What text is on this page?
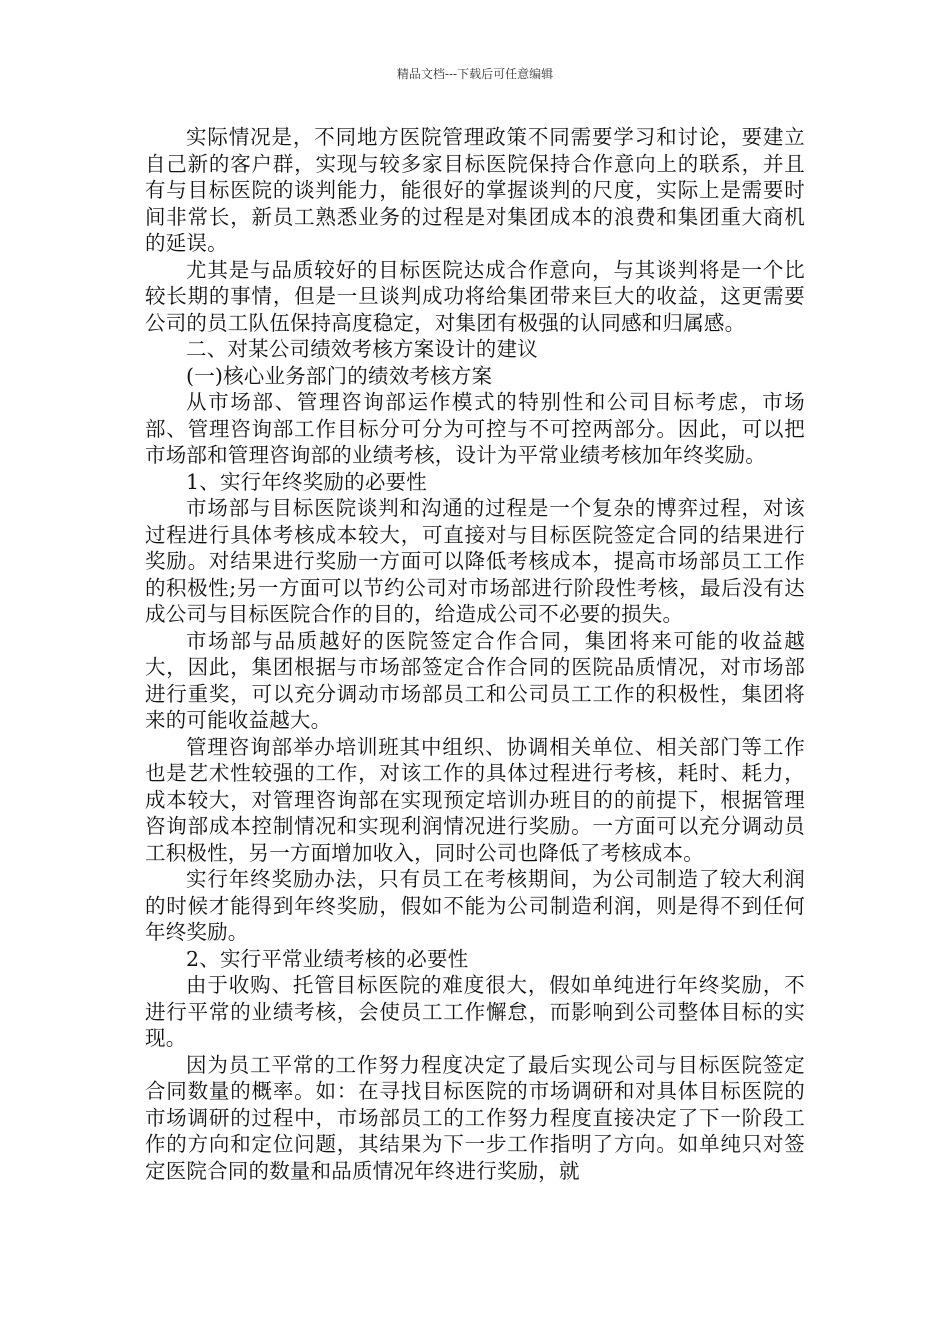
精品文档---下载后可任意编辑

实际情况是，不同地方医院管理政策不同需要学习和讨论，要建立自己新的客户群，实现与较多家目标医院保持合作意向上的联系，并且有与目标医院的谈判能力，能很好的掌握谈判的尺度，实际上是需要时间非常长，新员工熟悉业务的过程是对集团成本的浪费和集团重大商机的延误。

尤其是与品质较好的目标医院达成合作意向，与其谈判将是一个比较长期的事情，但是一旦谈判成功将给集团带来巨大的收益，这更需要公司的员工队伍保持高度稳定，对集团有极强的认同感和归属感。

二、对某公司绩效考核方案设计的建议

(一)核心业务部门的绩效考核方案

从市场部、管理咨询部运作模式的特别性和公司目标考虑，市场部、管理咨询部工作目标分可分为可控与不可控两部分。因此，可以把市场部和管理咨询部的业绩考核，设计为平常业绩考核加年终奖励。

1、实行年终奖励的必要性

市场部与目标医院谈判和沟通的过程是一个复杂的博弈过程，对该过程进行具体考核成本较大，可直接对与目标医院签定合同的结果进行奖励。对结果进行奖励一方面可以降低考核成本，提高市场部员工工作的积极性;另一方面可以节约公司对市场部进行阶段性考核，最后没有达成公司与目标医院合作的目的，给造成公司不必要的损失。

市场部与品质越好的医院签定合作合同，集团将来可能的收益越大，因此，集团根据与市场部签定合作合同的医院品质情况，对市场部进行重奖，可以充分调动市场部员工和公司员工工作的积极性，集团将来的可能收益越大。

管理咨询部举办培训班其中组织、协调相关单位、相关部门等工作也是艺术性较强的工作，对该工作的具体过程进行考核，耗时、耗力，成本较大，对管理咨询部在实现预定培训办班目的的前提下，根据管理咨询部成本控制情况和实现利润情况进行奖励。一方面可以充分调动员工积极性，另一方面增加收入，同时公司也降低了考核成本。

实行年终奖励办法，只有员工在考核期间，为公司制造了较大利润的时候才能得到年终奖励，假如不能为公司制造利润，则是得不到任何年终奖励。

2、实行平常业绩考核的必要性

由于收购、托管目标医院的难度很大，假如单纯进行年终奖励，不进行平常的业绩考核，会使员工工作懈怠，而影响到公司整体目标的实现。

因为员工平常的工作努力程度决定了最后实现公司与目标医院签定合同数量的概率。如：在寻找目标医院的市场调研和对具体目标医院的市场调研的过程中，市场部员工的工作努力程度直接决定了下一阶段工作的方向和定位问题，其结果为下一步工作指明了方向。如单纯只对签定医院合同的数量和品质情况年终进行奖励，就
